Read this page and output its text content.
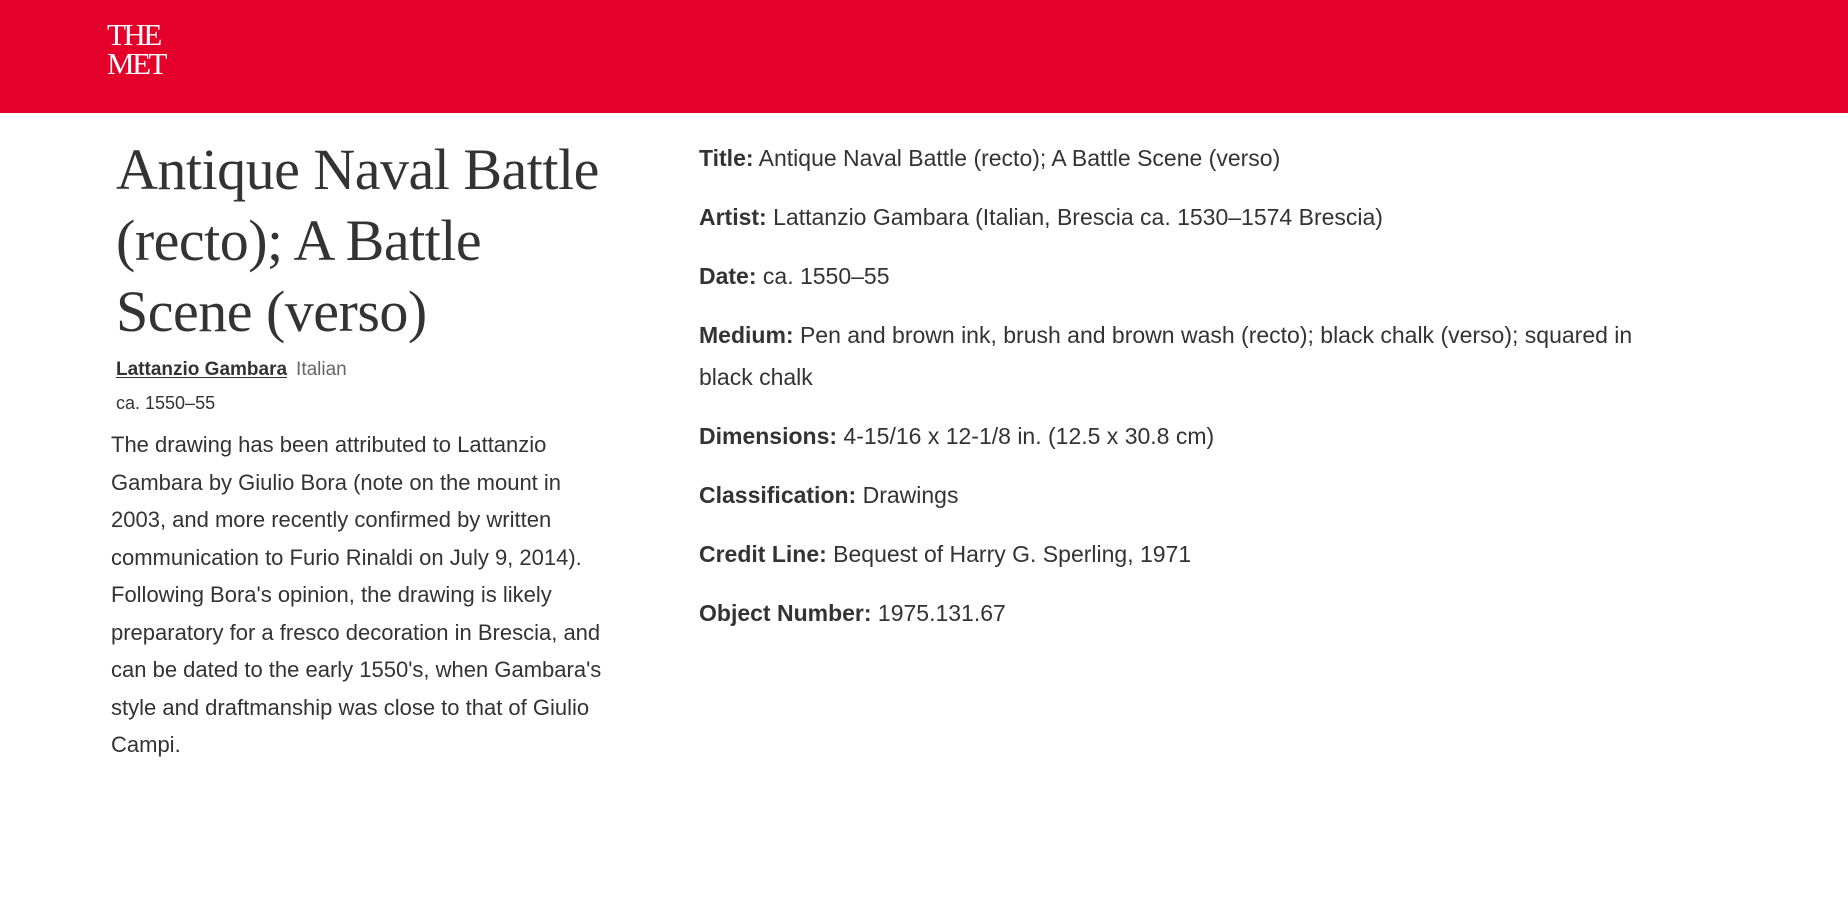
THE
MET
Antique Naval Battle (recto); A Battle Scene (verso)
Lattanzio Gambara Italian
ca. 1550–55
The drawing has been attributed to Lattanzio Gambara by Giulio Bora (note on the mount in 2003, and more recently confirmed by written communication to Furio Rinaldi on July 9, 2014). Following Bora's opinion, the drawing is likely preparatory for a fresco decoration in Brescia, and can be dated to the early 1550's, when Gambara's style and draftmanship was close to that of Giulio Campi.
Title: Antique Naval Battle (recto); A Battle Scene (verso)
Artist: Lattanzio Gambara (Italian, Brescia ca. 1530–1574 Brescia)
Date: ca. 1550–55
Medium: Pen and brown ink, brush and brown wash (recto); black chalk (verso); squared in black chalk
Dimensions: 4-15/16 x 12-1/8 in. (12.5 x 30.8 cm)
Classification: Drawings
Credit Line: Bequest of Harry G. Sperling, 1971
Object Number: 1975.131.67
